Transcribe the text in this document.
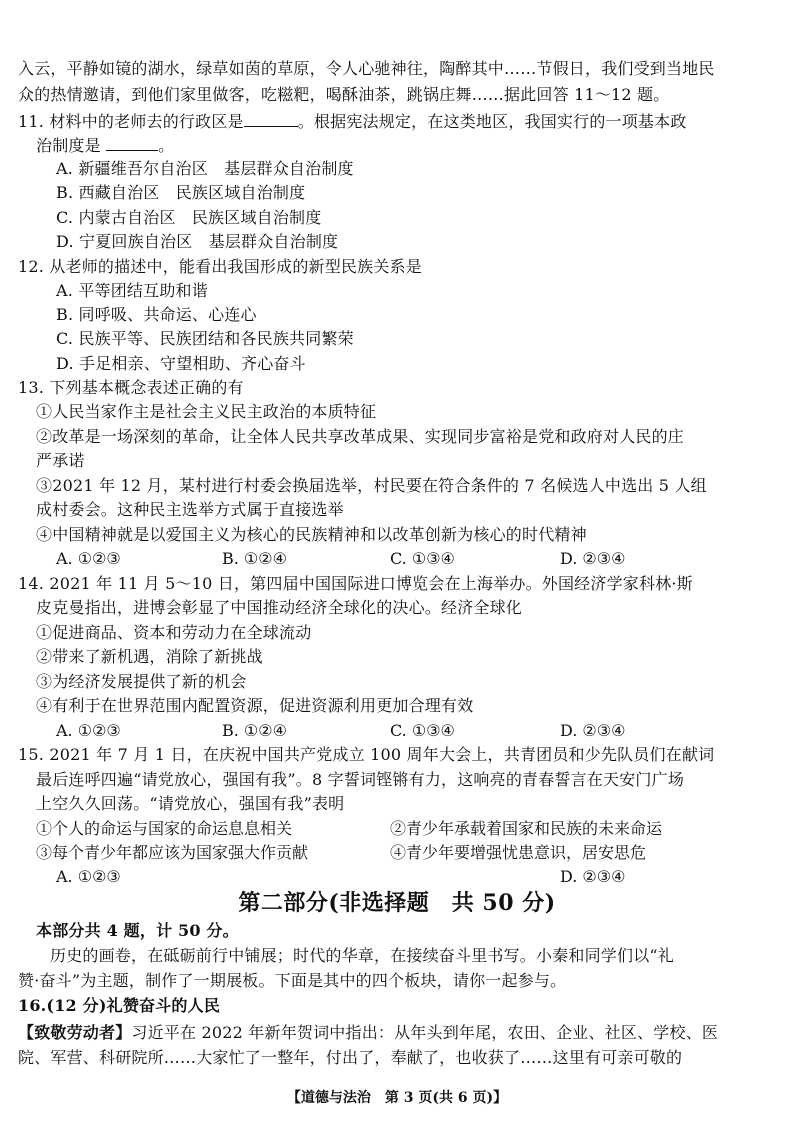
入云，平静如镜的湖水，绿草如茵的草原，令人心驰神往，陶醉其中……节假日，我们受到当地民
众的热情邀请，到他们家里做客，吃糍粑，喝酥油茶，跳锅庄舞……据此回答 11～12 题。
11. 材料中的老师去的行政区是	。根据宪法规定，在这类地区，我国实行的一项基本政
治制度是	。
A. 新疆维吾尔自治区　基层群众自治制度
B. 西藏自治区　民族区域自治制度
C. 内蒙古自治区　民族区域自治制度
D. 宁夏回族自治区　基层群众自治制度
12. 从老师的描述中，能看出我国形成的新型民族关系是
A. 平等团结互助和谐
B. 同呼吸、共命运、心连心
C. 民族平等、民族团结和各民族共同繁荣
D. 手足相亲、守望相助、齐心奋斗
13. 下列基本概念表述正确的有
①人民当家作主是社会主义民主政治的本质特征
②改革是一场深刻的革命，让全体人民共享改革成果、实现同步富裕是党和政府对人民的庄
严承诺
③2021 年 12 月，某村进行村委会换届选举，村民要在符合条件的 7 名候选人中选出 5 人组
成村委会。这种民主选举方式属于直接选举
④中国精神就是以爱国主义为核心的民族精神和以改革创新为核心的时代精神
A. ①②③	B. ①②④	C. ①③④	D. ②③④
14. 2021 年 11 月 5～10 日，第四届中国国际进口博览会在上海举办。外国经济学家科林·斯
皮克曼指出，进博会彰显了中国推动经济全球化的决心。经济全球化
①促进商品、资本和劳动力在全球流动
②带来了新机遇，消除了新挑战
③为经济发展提供了新的机会
④有利于在世界范围内配置资源，促进资源利用更加合理有效
A. ①②③	B. ①②④	C. ①③④	D. ②③④
15. 2021 年 7 月 1 日，在庆祝中国共产党成立 100 周年大会上，共青团员和少先队员们在献词
最后连呼四遍“请党放心，强国有我”。8 字誓词铿锵有力，这响亮的青春誓言在天安门广场
上空久久回荡。“请党放心，强国有我”表明
①个人的命运与国家的命运息息相关	②青少年承载着国家和民族的未来命运
③每个青少年都应该为国家强大作贡献	④青少年要增强忧患意识，居安思危
A. ①②③	D. ②③④
第二部分(非选择题　共 50 分)
本部分共 4 题，计 50 分。
历史的画卷，在砥砺前行中铺展；时代的华章，在接续奋斗里书写。小秦和同学们以“礼
赞·奋斗”为主题，制作了一期展板。下面是其中的四个板块，请你一起参与。
16.(12 分)礼赞奋斗的人民
【致敬劳动者】习近平在 2022 年新年贺词中指出：从年头到年尾，农田、企业、社区、学校、医
院、军营、科研院所……大家忙了一整年，付出了，奉献了，也收获了……这里有可亲可敬的
【道德与法治　第 3 页(共 6 页)】
